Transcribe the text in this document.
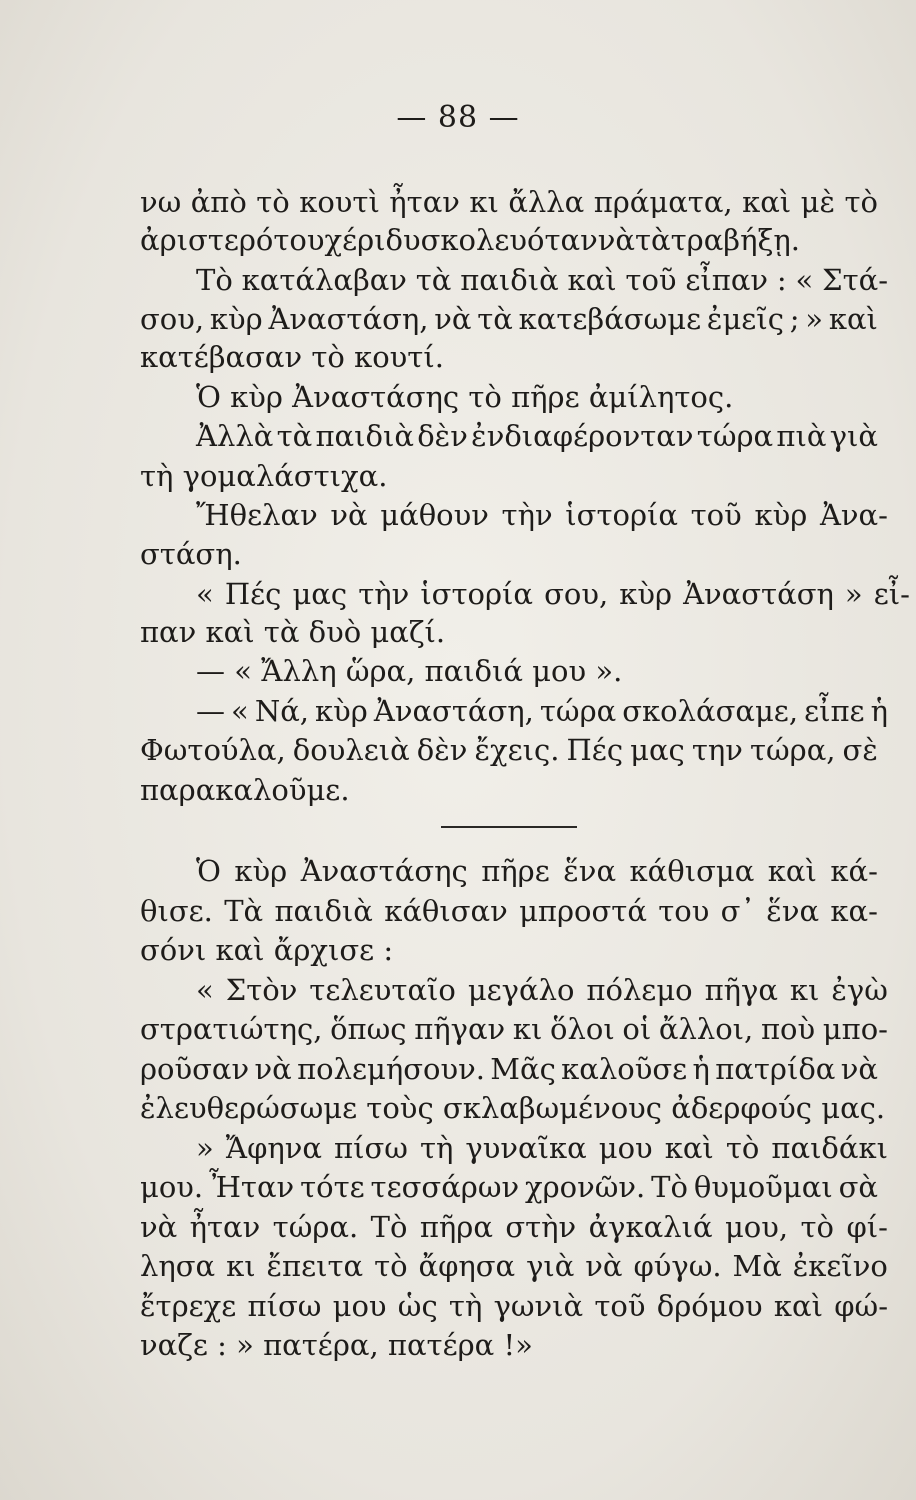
— 88 —
νω ἀπὸ τὸ κουτὶ ἦταν κι ἄλλα πράματα, καὶ μὲ τὸ
ἀριστερό του χέρι δυσκολευόταν νὰ τὰ τραβήξῃ.
Τὸ κατάλαβαν τὰ παιδιὰ καὶ τοῦ εἶπαν : « Στά-
σου, κὺρ Ἀναστάση, νὰ τὰ κατεβάσωμε ἐμεῖς ; » καὶ
κατέβασαν τὸ κουτί.
Ὁ κὺρ Ἀναστάσης τὸ πῆρε ἀμίλητος.
Ἀλλὰ τὰ παιδιὰ δὲν ἐνδιαφέρονταν τώρα πιὰ γιὰ
τὴ γομαλάστιχα.
Ἤθελαν νὰ μάθουν τὴν ἱστορία τοῦ κὺρ Ἀνα-
στάση.
« Πές μας τὴν ἱστορία σου, κὺρ Ἀναστάση » εἶ-
παν καὶ τὰ δυὸ μαζί.
— « Ἄλλη ὥρα, παιδιά μου ».
— « Νά, κὺρ Ἀναστάση, τώρα σκολάσαμε, εἶπε ἡ
Φωτούλα, δουλειὰ δὲν ἔχεις. Πές μας την τώρα, σὲ
παρακαλοῦμε.
Ὁ κὺρ Ἀναστάσης πῆρε ἕνα κάθισμα καὶ κά-
θισε. Τὰ παιδιὰ κάθισαν μπροστά του σ᾿ ἕνα κα-
σόνι καὶ ἄρχισε :
« Στὸν τελευταῖο μεγάλο πόλεμο πῆγα κι ἐγὼ
στρατιώτης, ὅπως πῆγαν κι ὅλοι οἱ ἄλλοι, ποὺ μπο-
ροῦσαν νὰ πολεμήσουν. Μᾶς καλοῦσε ἡ πατρίδα νὰ
ἐλευθερώσωμε τοὺς σκλαβωμένους ἀδερφούς μας.
» Ἄφηνα πίσω τὴ γυναῖκα μου καὶ τὸ παιδάκι
μου. Ἦταν τότε τεσσάρων χρονῶν. Τὸ θυμοῦμαι σὰ
νὰ ἦταν τώρα. Τὸ πῆρα στὴν ἀγκαλιά μου, τὸ φί-
λησα κι ἔπειτα τὸ ἄφησα γιὰ νὰ φύγω. Μὰ ἐκεῖνο
ἔτρεχε πίσω μου ὡς τὴ γωνιὰ τοῦ δρόμου καὶ φώ-
ναζε : » πατέρα, πατέρα !»
